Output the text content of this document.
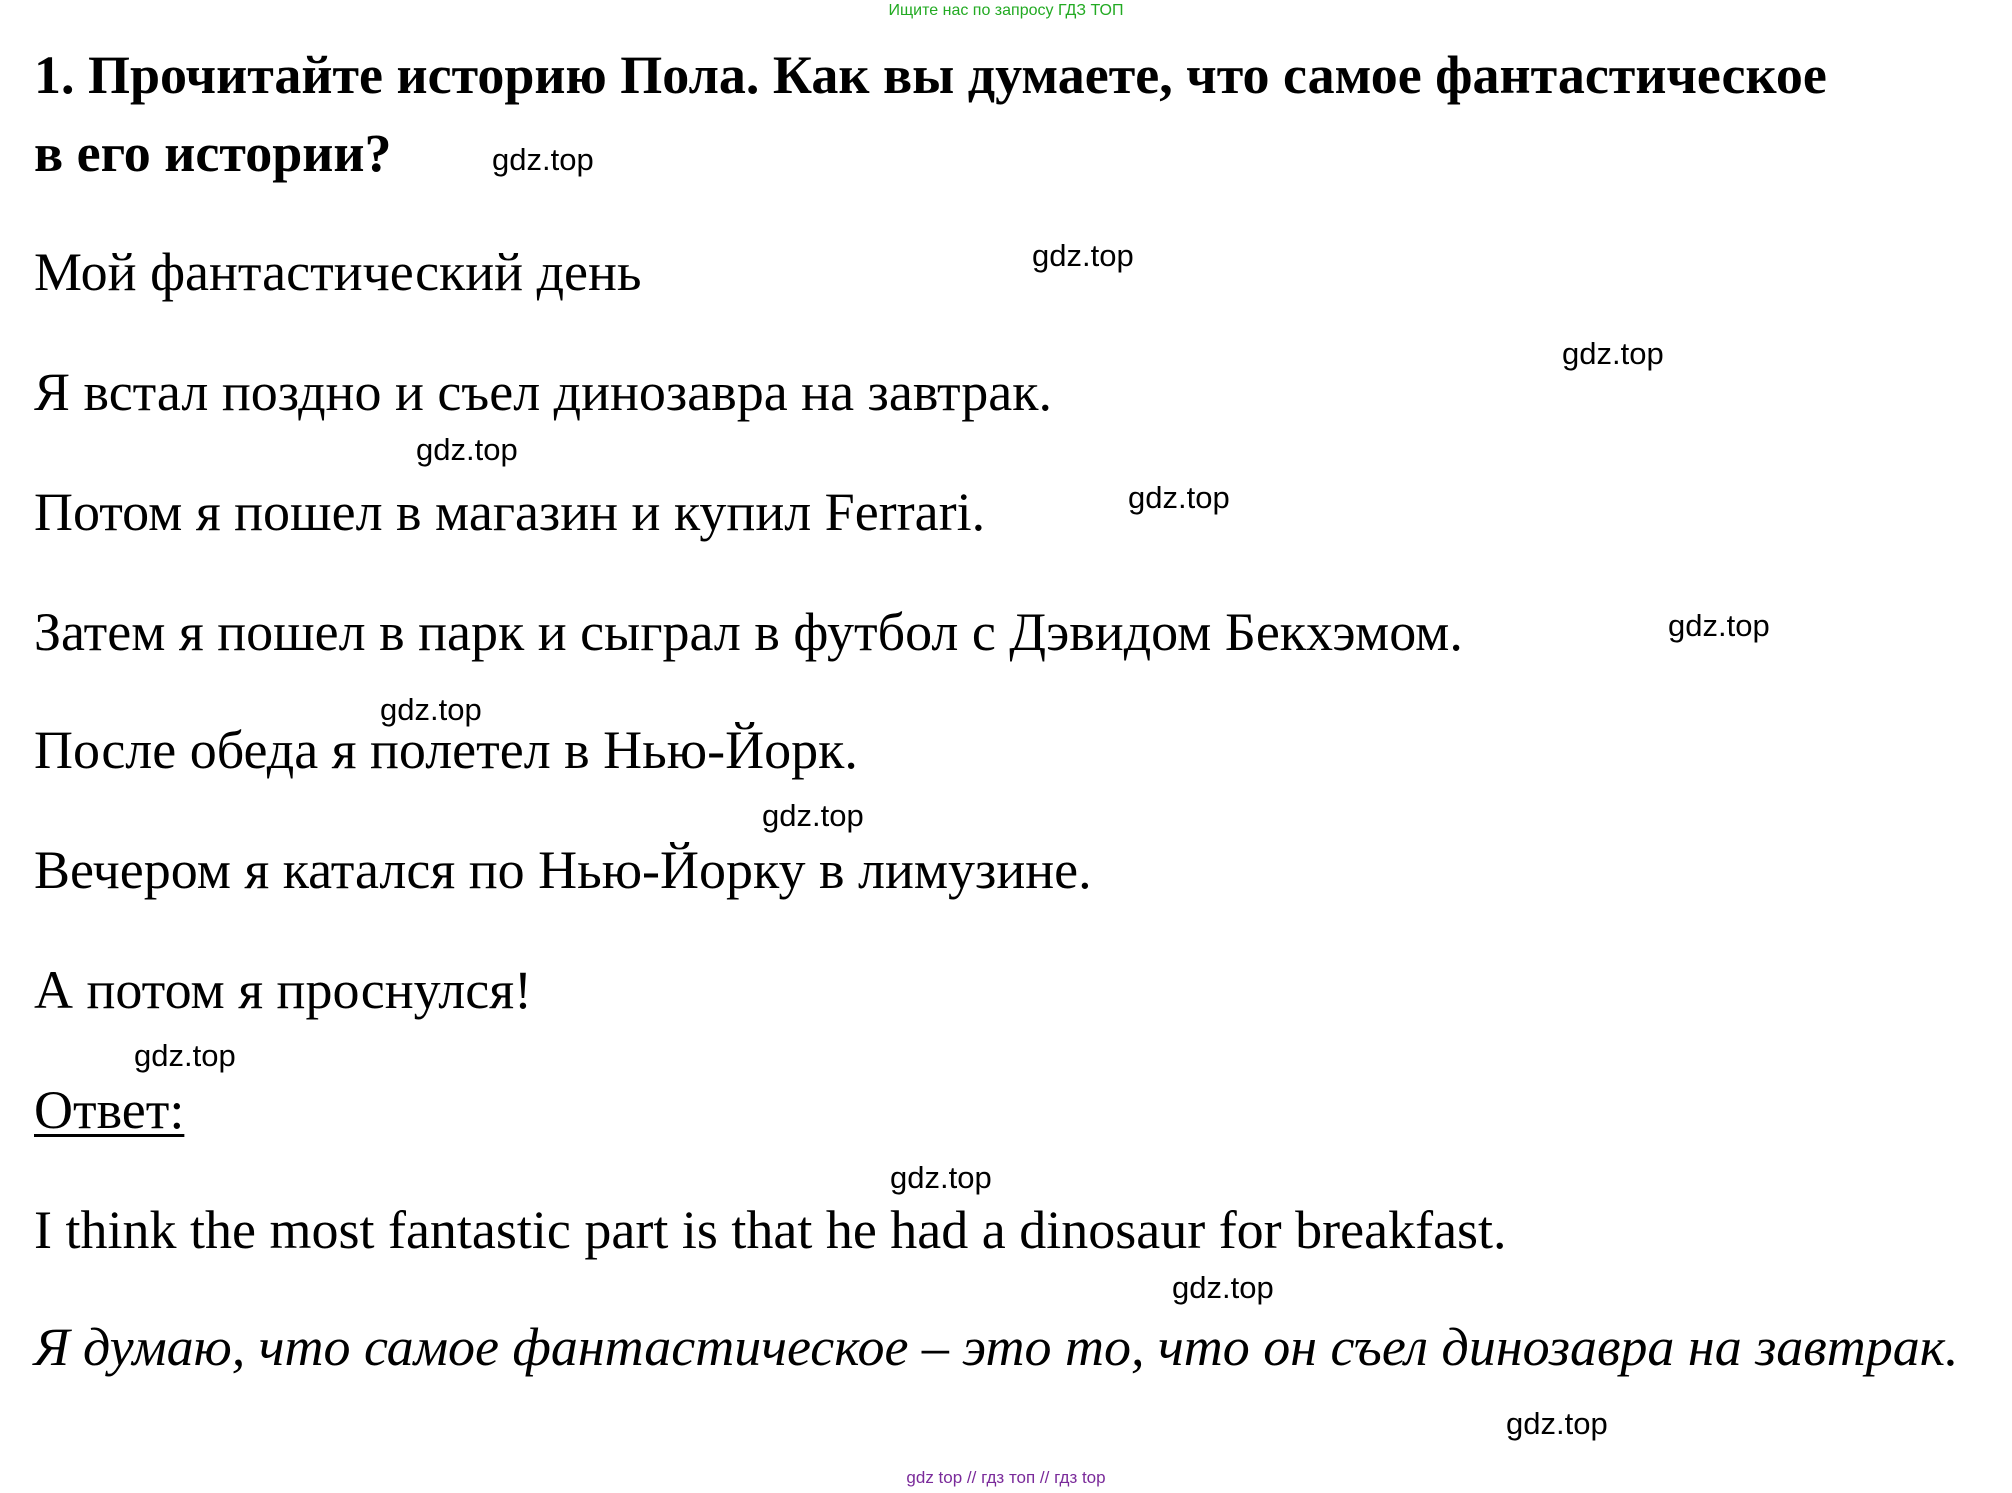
Ищите нас по запросу ГДЗ ТОП
1. Прочитайте историю Пола. Как вы думаете, что самое фантастическое
в его истории?
Мой фантастический день
Я встал поздно и съел динозавра на завтрак.
Потом я пошел в магазин и купил Ferrari.
Затем я пошел в парк и сыграл в футбол с Дэвидом Бекхэмом.
После обеда я полетел в Нью-Йорк.
Вечером я катался по Нью-Йорку в лимузине.
А потом я проснулся!
Ответ:
I think the most fantastic part is that he had a dinosaur for breakfast.
Я думаю, что самое фантастическое – это то, что он съел динозавра на завтрак.
gdz.top
gdz.top
gdz.top
gdz.top
gdz.top
gdz.top
gdz.top
gdz.top
gdz.top
gdz.top
gdz.top
gdz.top
gdz top // гдз топ // гдз top
